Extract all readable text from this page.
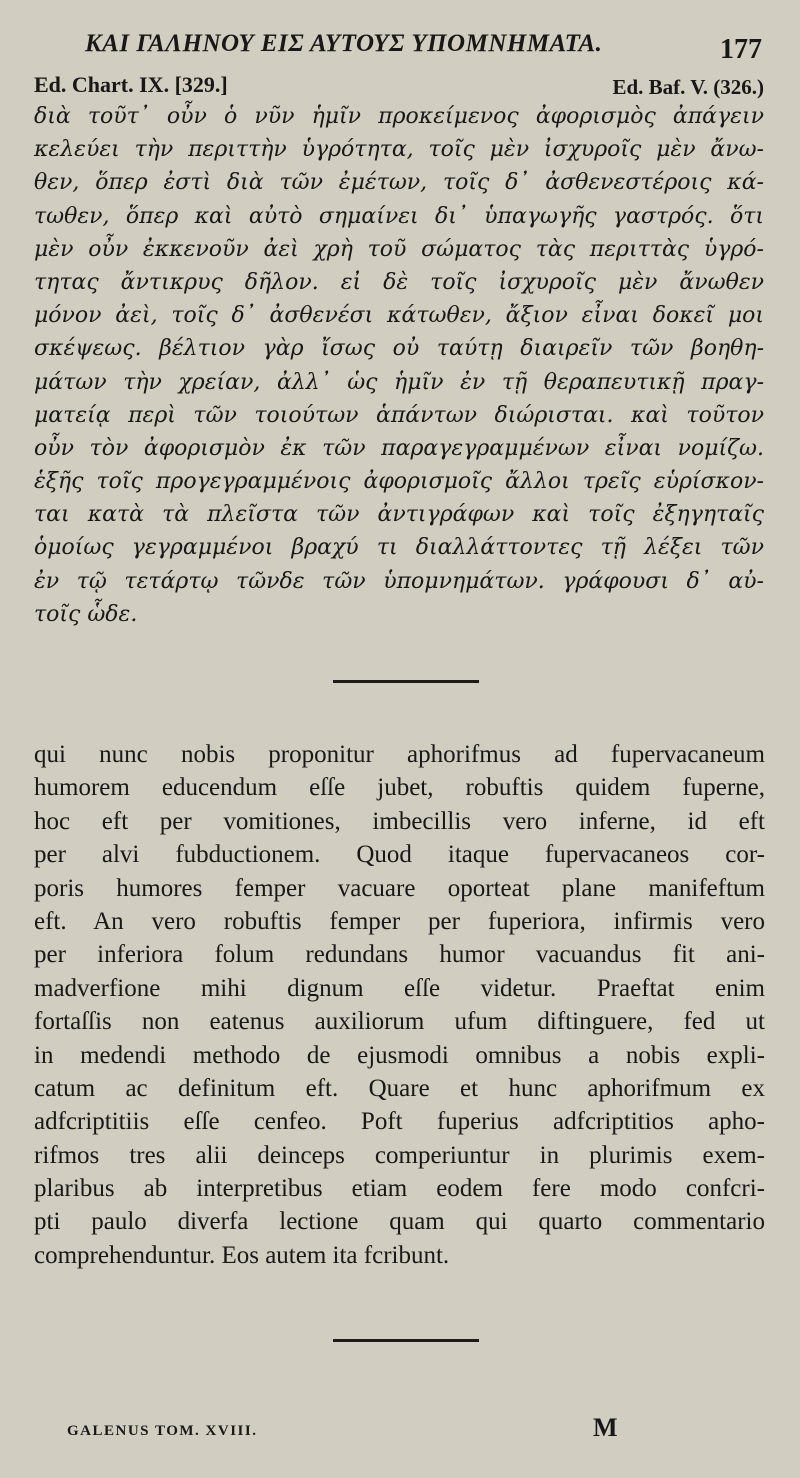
ΚΑΙ ΓΑΛΗΝΟΥ ΕΙΣ ΑΥΤΟΥΣ ΥΠΟΜΝΗΜΑΤΑ.	177
Ed. Chart. IX. [329.]	Ed. Baf. V. (326.)
διὰ τοῦτ᾽ οὖν ὁ νῦν ἡμῖν προκείμενος ἀφορισμὸς ἀπάγειν
κελεύει τὴν περιττὴν ὑγρότητα, τοῖς μὲν ἰσχυροῖς μὲν ἄνω-
θεν, ὅπερ ἐστὶ διὰ τῶν ἐμέτων, τοῖς δ᾽ ἀσθενεστέροις κά-
τωθεν, ὅπερ καὶ αὐτὸ σημαίνει δι᾽ ὑπαγωγῆς γαστρός. ὅτι
μὲν οὖν ἐκκενοῦν ἀεὶ χρὴ τοῦ σώματος τὰς περιττὰς ὑγρό-
τητας ἄντικρυς δῆλον. εἰ δὲ τοῖς ἰσχυροῖς μὲν ἄνωθεν
μόνον ἀεὶ, τοῖς δ᾽ ἀσθενέσι κάτωθεν, ἄξιον εἶναι δοκεῖ μοι
σκέψεως. βέλτιον γὰρ ἴσως οὐ ταύτῃ διαιρεῖν τῶν βοηθη-
μάτων τὴν χρείαν, ἀλλ᾽ ὡς ἡμῖν ἐν τῇ θεραπευτικῇ πραγ-
ματείᾳ περὶ τῶν τοιούτων ἁπάντων διώρισται. καὶ τοῦτον
οὖν τὸν ἀφορισμὸν ἐκ τῶν παραγεγραμμένων εἶναι νομίζω.
ἑξῆς τοῖς προγεγραμμένοις ἀφορισμοῖς ἄλλοι τρεῖς εὑρίσκον-
ται κατὰ τὰ πλεῖστα τῶν ἀντιγράφων καὶ τοῖς ἐξηγηταῖς
ὁμοίως γεγραμμένοι βραχύ τι διαλλάττοντες τῇ λέξει τῶν
ἐν τῷ τετάρτῳ τῶνδε τῶν ὑπομνημάτων. γράφουσι δ᾽ αὐ-
τοῖς ὧδε.
qui nunc nobis proponitur aphorifmus ad fupervacaneum
humorem educendum eſſe jubet, robuftis quidem fuperne,
hoc eft per vomitiones, imbecillis vero inferne, id eft
per alvi fubductionem. Quod itaque fupervacaneos cor-
poris humores femper vacuare oporteat plane manifeftum
eft. An vero robuftis femper per fuperiora, infirmis vero
per inferiora folum redundans humor vacuandus fit ani-
madverfione mihi dignum eſſe videtur. Praeftat enim
fortaſſis non eatenus auxiliorum ufum diftinguere, fed ut
in medendi methodo de ejusmodi omnibus a nobis expli-
catum ac definitum eft. Quare et hunc aphorifmum ex
adfcriptitiis eſſe cenfeo. Poft fuperius adfcriptitios apho-
rifmos tres alii deinceps comperiuntur in plurimis exem-
plaribus ab interpretibus etiam eodem fere modo confcri-
pti paulo diverfa lectione quam qui quarto commentario
comprehenduntur. Eos autem ita fcribunt.
GALENUS TOM. XVIII.	M
